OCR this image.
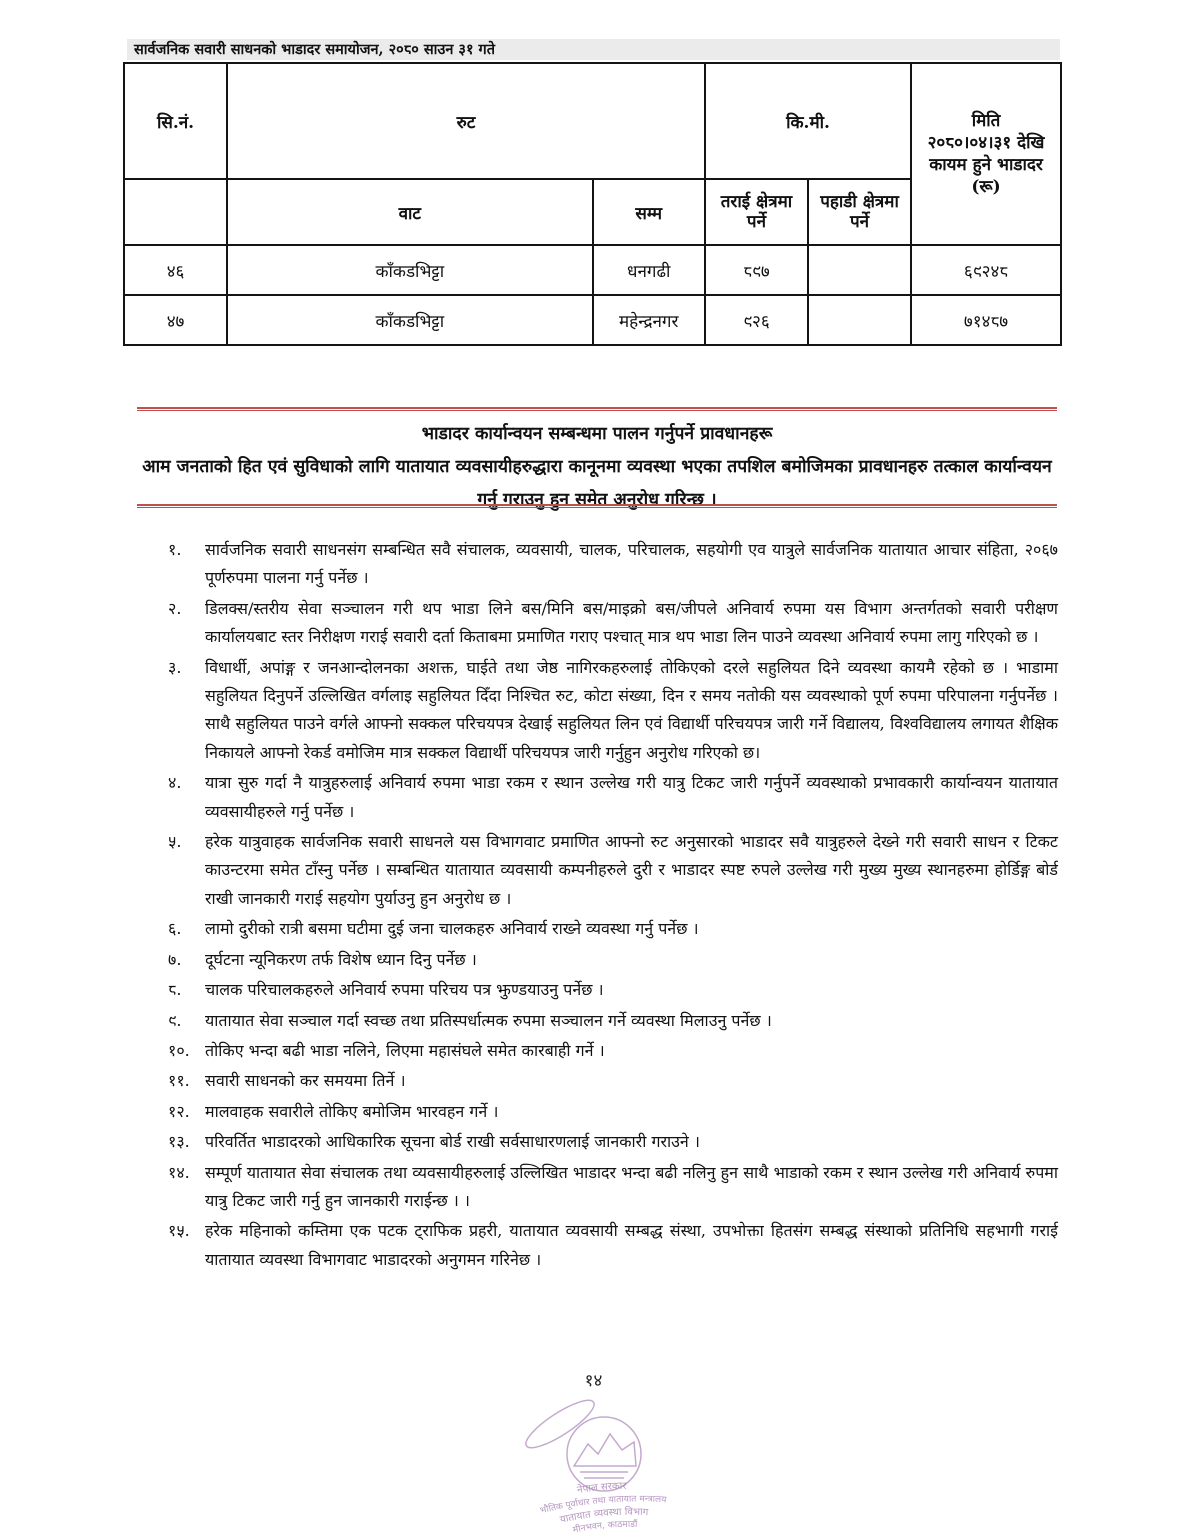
सार्वजनिक सवारी साधनको भाडादर समायोजन, २०८० साउन ३१ गते
सि.नं.	रुट		कि.मी.		मिति
२०८०।०४।३१ देखि
कायम हुने भाडादर (रू)

	वाट	सम्म	तराई क्षेत्रमा पर्ने	पहाडी क्षेत्रमा पर्ने	
४६	काँकडभिट्टा	धनगढी	८९७		६९२४८
४७	काँकडभिट्टा	महेन्द्रनगर	९२६		७१४८७
भाडादर कार्यान्वयन सम्बन्धमा पालन गर्नुपर्ने प्रावधानहरू
आम जनताको हित एवं सुविधाको लागि यातायात व्यवसायीहरुद्धारा कानूनमा व्यवस्था भएका तपशिल बमोजिमका प्रावधानहरु तत्काल कार्यान्वयन गर्नु गराउनु हुन समेत अनुरोध गरिन्छ ।
१.	सार्वजनिक सवारी साधनसंग सम्बन्धित सवै संचालक, व्यवसायी, चालक, परिचालक, सहयोगी एव यात्रुले सार्वजनिक यातायात आचार संहिता, २०६७ पूर्णरुपमा पालना गर्नु पर्नेछ ।
२.	डिलक्स/स्तरीय सेवा सञ्चालन गरी थप भाडा लिने बस/मिनि बस/माइक्रो बस/जीपले अनिवार्य रुपमा यस विभाग अन्तर्गतको सवारी परीक्षण कार्यालयबाट स्तर निरीक्षण गराई सवारी दर्ता किताबमा प्रमाणित गराए पश्चात् मात्र थप भाडा लिन पाउने व्यवस्था अनिवार्य रुपमा लागु गरिएको छ ।
३.	विधार्थी, अपांङ्ग र जनआन्दोलनका अशक्त, घाईते तथा जेष्ठ नागिरकहरुलाई तोकिएको दरले सहुलियत दिने व्यवस्था कायमै रहेको छ । भाडामा सहुलियत दिनुपर्ने उल्लिखित वर्गलाइ सहुलियत दिँदा निश्चित रुट, कोटा संख्या, दिन र समय नतोकी यस व्यवस्थाको पूर्ण रुपमा परिपालना गर्नुपर्नेछ । साथै सहुलियत पाउने वर्गले आफ्नो सक्कल परिचयपत्र देखाई सहुलियत लिन एवं विद्यार्थी परिचयपत्र जारी गर्ने विद्यालय, विश्वविद्यालय लगायत शैक्षिक निकायले आफ्नो रेकर्ड वमोजिम मात्र सक्कल विद्यार्थी परिचयपत्र जारी गर्नुहुन अनुरोध गरिएको छ।
४.	यात्रा सुरु गर्दा नै यात्रुहरुलाई अनिवार्य रुपमा भाडा रकम र स्थान उल्लेख गरी यात्रु टिकट जारी गर्नुपर्ने व्यवस्थाको प्रभावकारी कार्यान्वयन यातायात व्यवसायीहरुले गर्नु पर्नेछ ।
५.	हरेक यात्रुवाहक सार्वजनिक सवारी साधनले यस विभागवाट प्रमाणित आफ्नो रुट अनुसारको भाडादर सवै यात्रुहरुले देख्ने गरी सवारी साधन र टिकट काउन्टरमा समेत टाँस्नु पर्नेछ । सम्बन्धित यातायात व्यवसायी कम्पनीहरुले दुरी र भाडादर स्पष्ट रुपले उल्लेख गरी मुख्य मुख्य स्थानहरुमा होर्डिङ्ग बोर्ड राखी जानकारी गराई सहयोग पुर्याउनु हुन अनुरोध छ ।
६.	लामो दुरीको रात्री बसमा घटीमा दुई जना चालकहरु अनिवार्य राख्ने व्यवस्था गर्नु पर्नेछ ।
७.	दूर्घटना न्यूनिकरण तर्फ विशेष ध्यान दिनु पर्नेछ ।
८.	चालक परिचालकहरुले अनिवार्य रुपमा परिचय पत्र झुण्डयाउनु पर्नेछ ।
९.	यातायात सेवा सञ्चाल गर्दा स्वच्छ तथा प्रतिस्पर्धात्मक रुपमा सञ्चालन गर्ने व्यवस्था मिलाउनु पर्नेछ ।
१०. तोकिए भन्दा बढी भाडा नलिने, लिएमा महासंघले समेत कारबाही गर्ने ।
११. सवारी साधनको कर समयमा तिर्ने ।
१२. मालवाहक सवारीले तोकिए बमोजिम भारवहन गर्ने ।
१३. परिवर्तित भाडादरको आधिकारिक सूचना बोर्ड राखी सर्वसाधारणलाई जानकारी गराउने ।
१४. सम्पूर्ण यातायात सेवा संचालक तथा व्यवसायीहरुलाई उल्लिखित भाडादर भन्दा बढी नलिनु हुन साथै भाडाको रकम र स्थान उल्लेख गरी अनिवार्य रुपमा यात्रु टिकट जारी गर्नु हुन जानकारी गराईन्छ । ।
१५. हरेक महिनाको कम्तिमा एक पटक ट्राफिक प्रहरी, यातायात व्यवसायी सम्बद्ध संस्था, उपभोक्ता हितसंग सम्बद्ध संस्थाको प्रतिनिधि सहभागी गराई यातायात व्यवस्था विभागवाट भाडादरको अनुगमन गरिनेछ ।
१४
नेपाल सरकार
भौतिक पूर्वाधार तथा यातायात मन्त्रालय
यातायात व्यवस्था विभाग
मीनभवन, काठमाडौं
